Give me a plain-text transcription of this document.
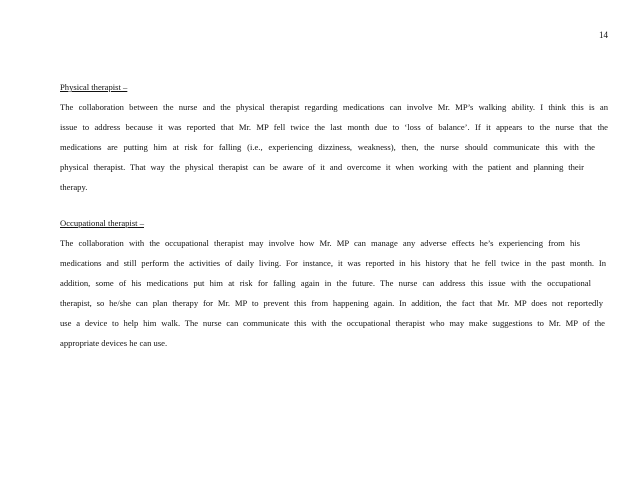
14
Physical therapist –
The collaboration between the nurse and the physical therapist regarding medications can involve Mr. MP’s walking ability. I think this is an
issue to address because it was reported that Mr. MP fell twice the last month due to ‘loss of balance’. If it appears to the nurse that the
medications are putting him at risk for falling (i.e., experiencing dizziness, weakness), then, the nurse should communicate this with the
physical therapist. That way the physical therapist can be aware of it and overcome it when working with the patient and planning their
therapy.
Occupational therapist –
The collaboration with the occupational therapist may involve how Mr. MP can manage any adverse effects he’s experiencing from his
medications and still perform the activities of daily living. For instance, it was reported in his history that he fell twice in the past month. In
addition, some of his medications put him at risk for falling again in the future. The nurse can address this issue with the occupational
therapist, so he/she can plan therapy for Mr. MP to prevent this from happening again. In addition, the fact that Mr. MP does not reportedly
use a device to help him walk. The nurse can communicate this with the occupational therapist who may make suggestions to Mr. MP of the
appropriate devices he can use.
